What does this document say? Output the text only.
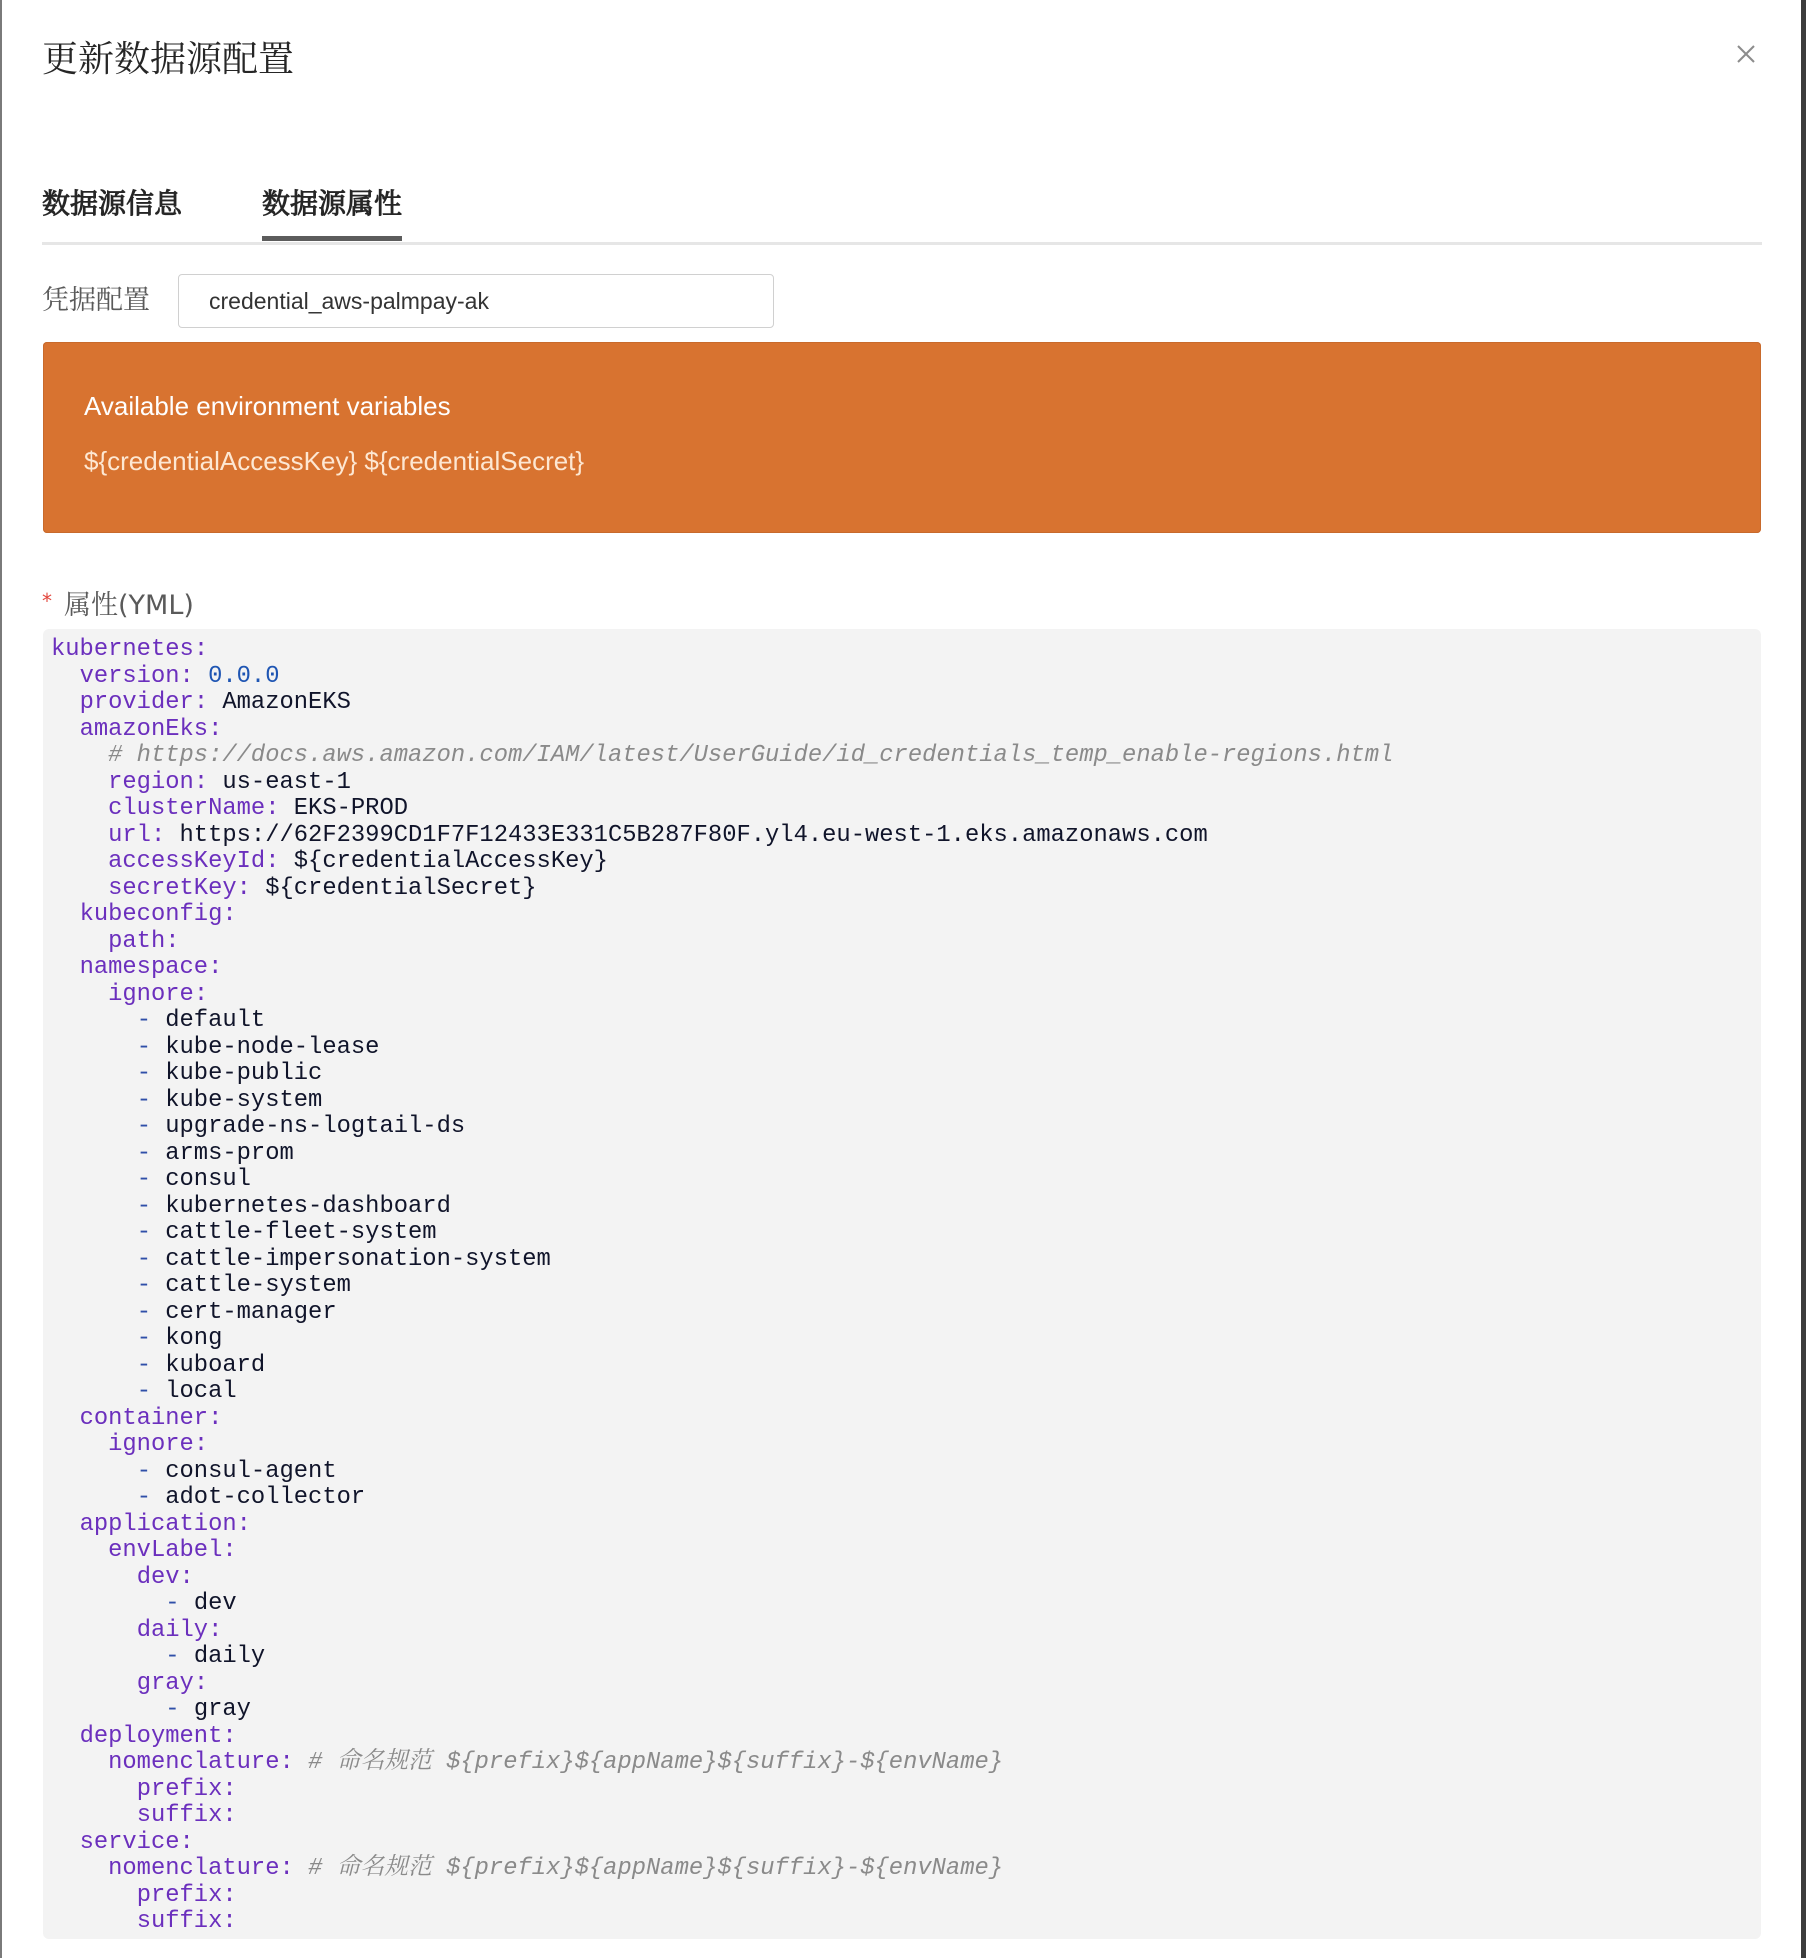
更新数据源配置
数据源信息	数据源属性
凭据配置
credential_aws-palmpay-ak
Available environment variables
${credentialAccessKey} ${credentialSecret}
* 属性(YML)
kubernetes:
version: 0.0.0
provider: AmazonEKS
amazonEks:
# https://docs.aws.amazon.com/IAM/latest/UserGuide/id_credentials_temp_enable-regions.html
region: us-east-1
clusterName: EKS-PROD
url: https://62F2399CD1F7F12433E331C5B287F80F.yl4.eu-west-1.eks.amazonaws.com
accessKeyId: ${credentialAccessKey}
secretKey: ${credentialSecret}
kubeconfig:
path:
namespace:
ignore:
- default
- kube-node-lease
- kube-public
- kube-system
- upgrade-ns-logtail-ds
- arms-prom
- consul
- kubernetes-dashboard
- cattle-fleet-system
- cattle-impersonation-system
- cattle-system
- cert-manager
- kong
- kuboard
- local
container:
ignore:
- consul-agent
- adot-collector
application:
envLabel:
dev:
- dev
daily:
- daily
gray:
- gray
deployment:
nomenclature: # 命名规范 ${prefix}${appName}${suffix}-${envName}
prefix:
suffix:
service:
nomenclature: # 命名规范 ${prefix}${appName}${suffix}-${envName}
prefix:
suffix:
